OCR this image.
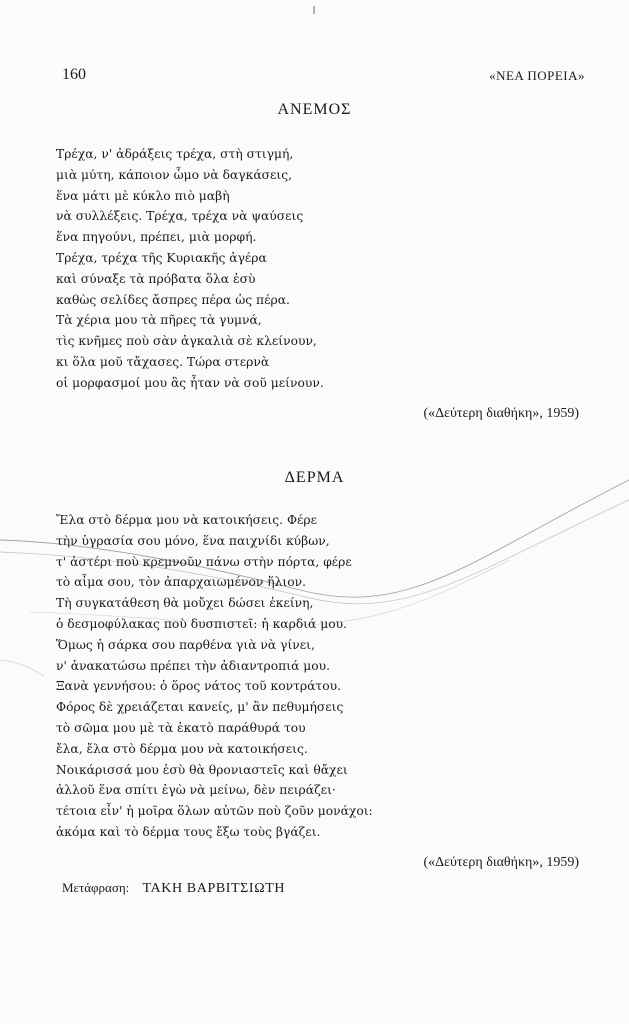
160	«ΝΕΑ ΠΟΡΕΙΑ»
ΑΝΕΜΟΣ
Τρέχα, ν' ἀδράξεις τρέχα, στὴ στιγμή,
μιὰ μύτη, κάποιον ὦμο νὰ δαγκάσεις,
ἕνα μάτι μὲ κύκλο πιὸ μαβὴ
νὰ συλλέξεις. Τρέχα, τρέχα νὰ ψαύσεις
ἕνα πηγούνι, πρέπει, μιὰ μορφή.
Τρέχα, τρέχα τῆς Κυριακῆς ἀγέρα
καὶ σύναξε τὰ πρόβατα ὅλα ἐσὺ
καθὼς σελίδες ἄσπρες πέρα ὡς πέρα.
Τὰ χέρια μου τὰ πῆρες τὰ γυμνά,
τὶς κνῆμες ποὺ σὰν ἀγκαλιὰ σὲ κλείνουν,
κι ὅλα μοῦ τἄχασες. Τώρα στερνὰ
οἱ μορφασμοί μου ἂς ἦταν νὰ σοῦ μείνουν.
(«Δεύτερη διαθήκη», 1959)
ΔΕΡΜΑ
Ἔλα στὸ δέρμα μου νὰ κατοικήσεις. Φέρε
τὴν ὑγρασία σου μόνο, ἕνα παιχνίδι κύβων,
τ' ἀστέρι ποὺ κρεμνοῦν πάνω στὴν πόρτα, φέρε
τὸ αἷμα σου, τὸν ἀπαρχαιωμένον ἥλιον.
Τὴ συγκατάθεση θὰ μοὔχει δώσει ἐκείνη,
ὁ δεσμοφύλακας ποὺ δυσπιστεῖ: ἡ καρδιά μου.
Ὅμως ἡ σάρκα σου παρθένα γιὰ νὰ γίνει,
ν' ἀνακατώσω πρέπει τὴν ἀδιαντροπιά μου.
Ξανὰ γεννήσου: ὁ ὅρος νάτος τοῦ κοντράτου.
Φόρος δὲ χρειάζεται κανείς, μ' ἂν πεθυμήσεις
τὸ σῶμα μου μὲ τὰ ἑκατὸ παράθυρά του
ἔλα, ἔλα στὸ δέρμα μου νὰ κατοικήσεις.
Νοικάρισσά μου ἐσὺ θὰ θρονιαστεῖς καὶ θἄχει
ἀλλοῦ ἕνα σπίτι ἐγὼ νὰ μείνω, δὲν πειράζει·
τέτοια εἶν' ἡ μοῖρα ὅλων αὐτῶν ποὺ ζοῦν μονάχοι:
ἀκόμα καὶ τὸ δέρμα τους ἔξω τοὺς βγάζει.
(«Δεύτερη διαθήκη», 1959)
Μετάφραση: ΤΑΚΗ ΒΑΡΒΙΤΣΙΩΤΗ
